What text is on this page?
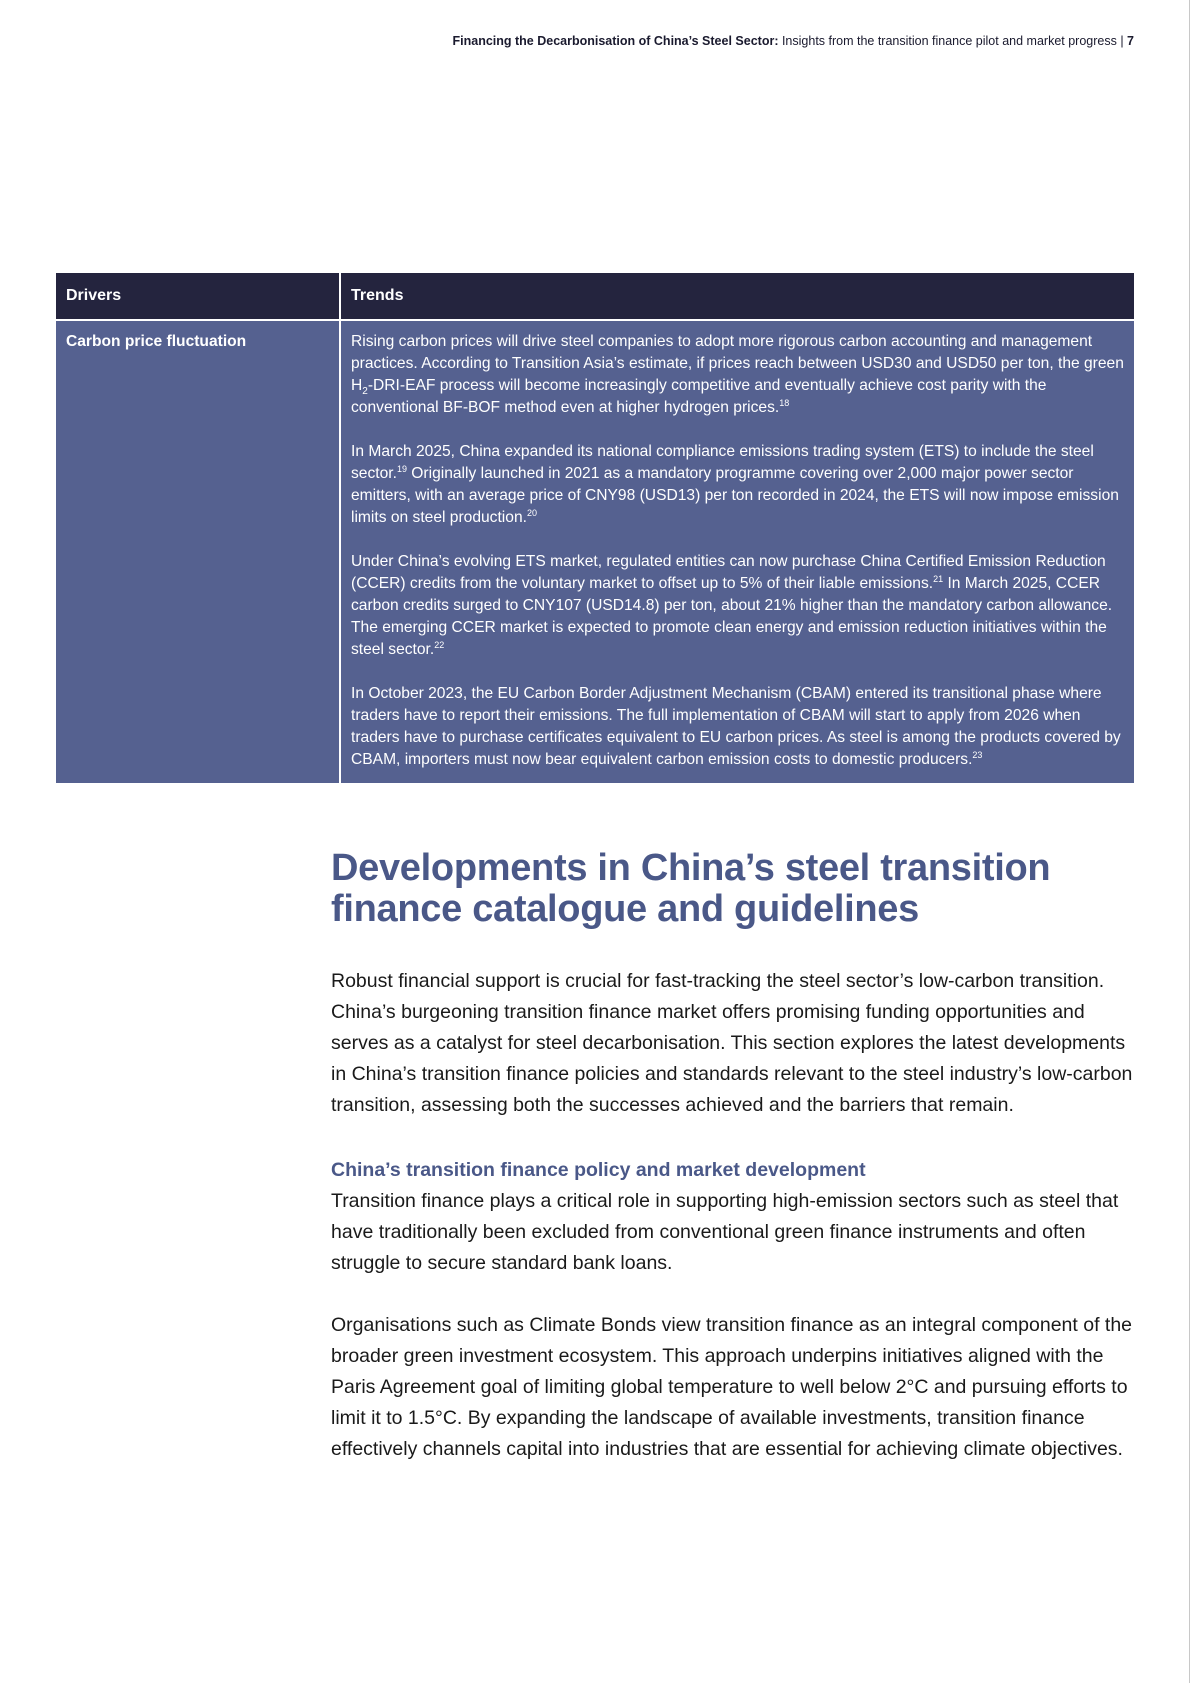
Financing the Decarbonisation of China’s Steel Sector: Insights from the transition finance pilot and market progress | 7
Drivers	Trends
Carbon price fluctuation	Rising carbon prices will drive steel companies to adopt more rigorous carbon accounting and management practices. According to Transition Asia’s estimate, if prices reach between USD30 and USD50 per ton, the green $H_2-DRI$-EAF process will become increasingly competitive and eventually achieve cost parity with the conventional BF-BOF method even at higher hydrogen prices.$^{18}$

In March 2025, China expanded its national compliance emissions trading system (ETS) to include the steel sector.$^{19}$ Originally launched in 2021 as a mandatory programme covering over 2,000 major power sector emitters, with an average price of CNY98 (USD13) per ton recorded in 2024, the ETS will now impose emission limits on steel production.$^{20}$

Under China’s evolving ETS market, regulated entities can now purchase China Certified Emission Reduction (CCER) credits from the voluntary market to offset up to 5% of their liable emissions.$^{21}$ In March 2025, CCER carbon credits surged to CNY107 (USD14.8) per ton, about 21% higher than the mandatory carbon allowance. The emerging CCER market is expected to promote clean energy and emission reduction initiatives within the steel sector.$^{22}$

In October 2023, the EU Carbon Border Adjustment Mechanism (CBAM) entered its transitional phase where traders have to report their emissions. The full implementation of CBAM will start to apply from 2026 when traders have to purchase certificates equivalent to EU carbon prices. As steel is among the products covered by CBAM, importers must now bear equivalent carbon emission costs to domestic producers.$^{23}$

Developments in China’s steel transition finance catalogue and guidelines

Robust financial support is crucial for fast-tracking the steel sector’s low-carbon transition. China’s burgeoning transition finance market offers promising funding opportunities and serves as a catalyst for steel decarbonisation. This section explores the latest developments in China’s transition finance policies and standards relevant to the steel industry’s low-carbon transition, assessing both the successes achieved and the barriers that remain.

China’s transition finance policy and market development

Transition finance plays a critical role in supporting high-emission sectors such as steel that have traditionally been excluded from conventional green finance instruments and often struggle to secure standard bank loans.

Organisations such as Climate Bonds view transition finance as an integral component of the broader green investment ecosystem. This approach underpins initiatives aligned with the Paris Agreement goal of limiting global temperature to well below 2°C and pursuing efforts to limit it to 1.5°C. By expanding the landscape of available investments, transition finance effectively channels capital into industries that are essential for achieving climate objectives.
